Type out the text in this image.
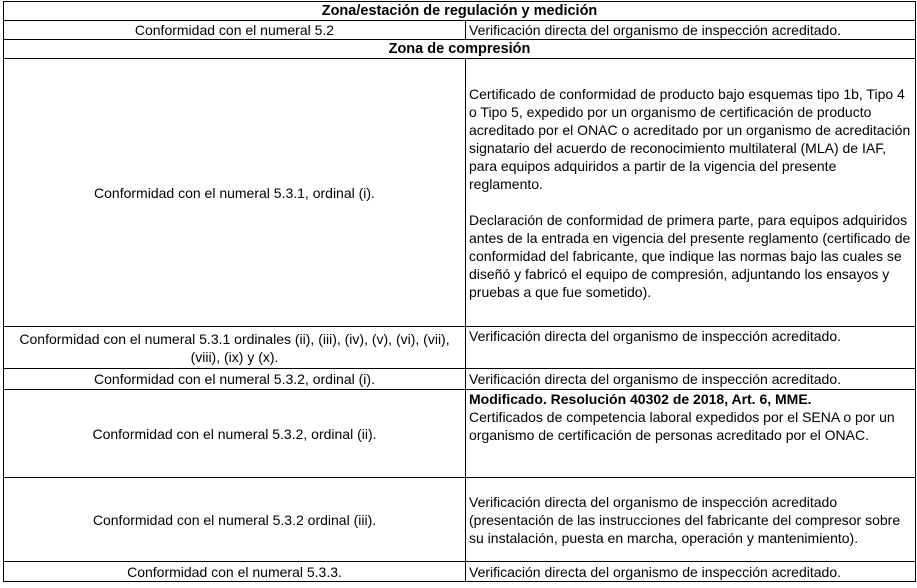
Zona/estación de regulación y medición	
Conformidad con el numeral 5.2	Verificación directa del organismo de inspección acreditado.
Zona de compresión	
Conformidad con el numeral 5.3.1, ordinal (i).	Certificado de conformidad de producto bajo esquemas tipo 1b, Tipo 4 o Tipo 5, expedido por un organismo de certificación de producto acreditado por el ONAC o acreditado por un organismo de acreditación signatario del acuerdo de reconocimiento multilateral (MLA) de IAF, para equipos adquiridos a partir de la vigencia del presente reglamento.
Declaración de conformidad de primera parte, para equipos adquiridos antes de la entrada en vigencia del presente reglamento (certificado de conformidad del fabricante, que indique las normas bajo las cuales se diseñó y fabricó el equipo de compresión, adjuntando los ensayos y pruebas a que fue sometido).

Conformidad con el numeral 5.3.1 ordinales (ii), (iii), (iv), (v), (vi), (vii), (viii), (ix) y (x).	Verificación directa del organismo de inspección acreditado.
Conformidad con el numeral 5.3.2, ordinal (i).	Verificación directa del organismo de inspección acreditado.
Conformidad con el numeral 5.3.2, ordinal (ii).	Modificado. Resolución 40302 de 2018, Art. 6, MME.
Certificados de competencia laboral expedidos por el SENA o por un organismo de certificación de personas acreditado por el ONAC.

Conformidad con el numeral 5.3.2 ordinal (iii).	Verificación directa del organismo de inspección acreditado (presentación de las instrucciones del fabricante del compresor sobre su instalación, puesta en marcha, operación y mantenimiento).
Conformidad con el numeral 5.3.3.	Verificación directa del organismo de inspección acreditado.
